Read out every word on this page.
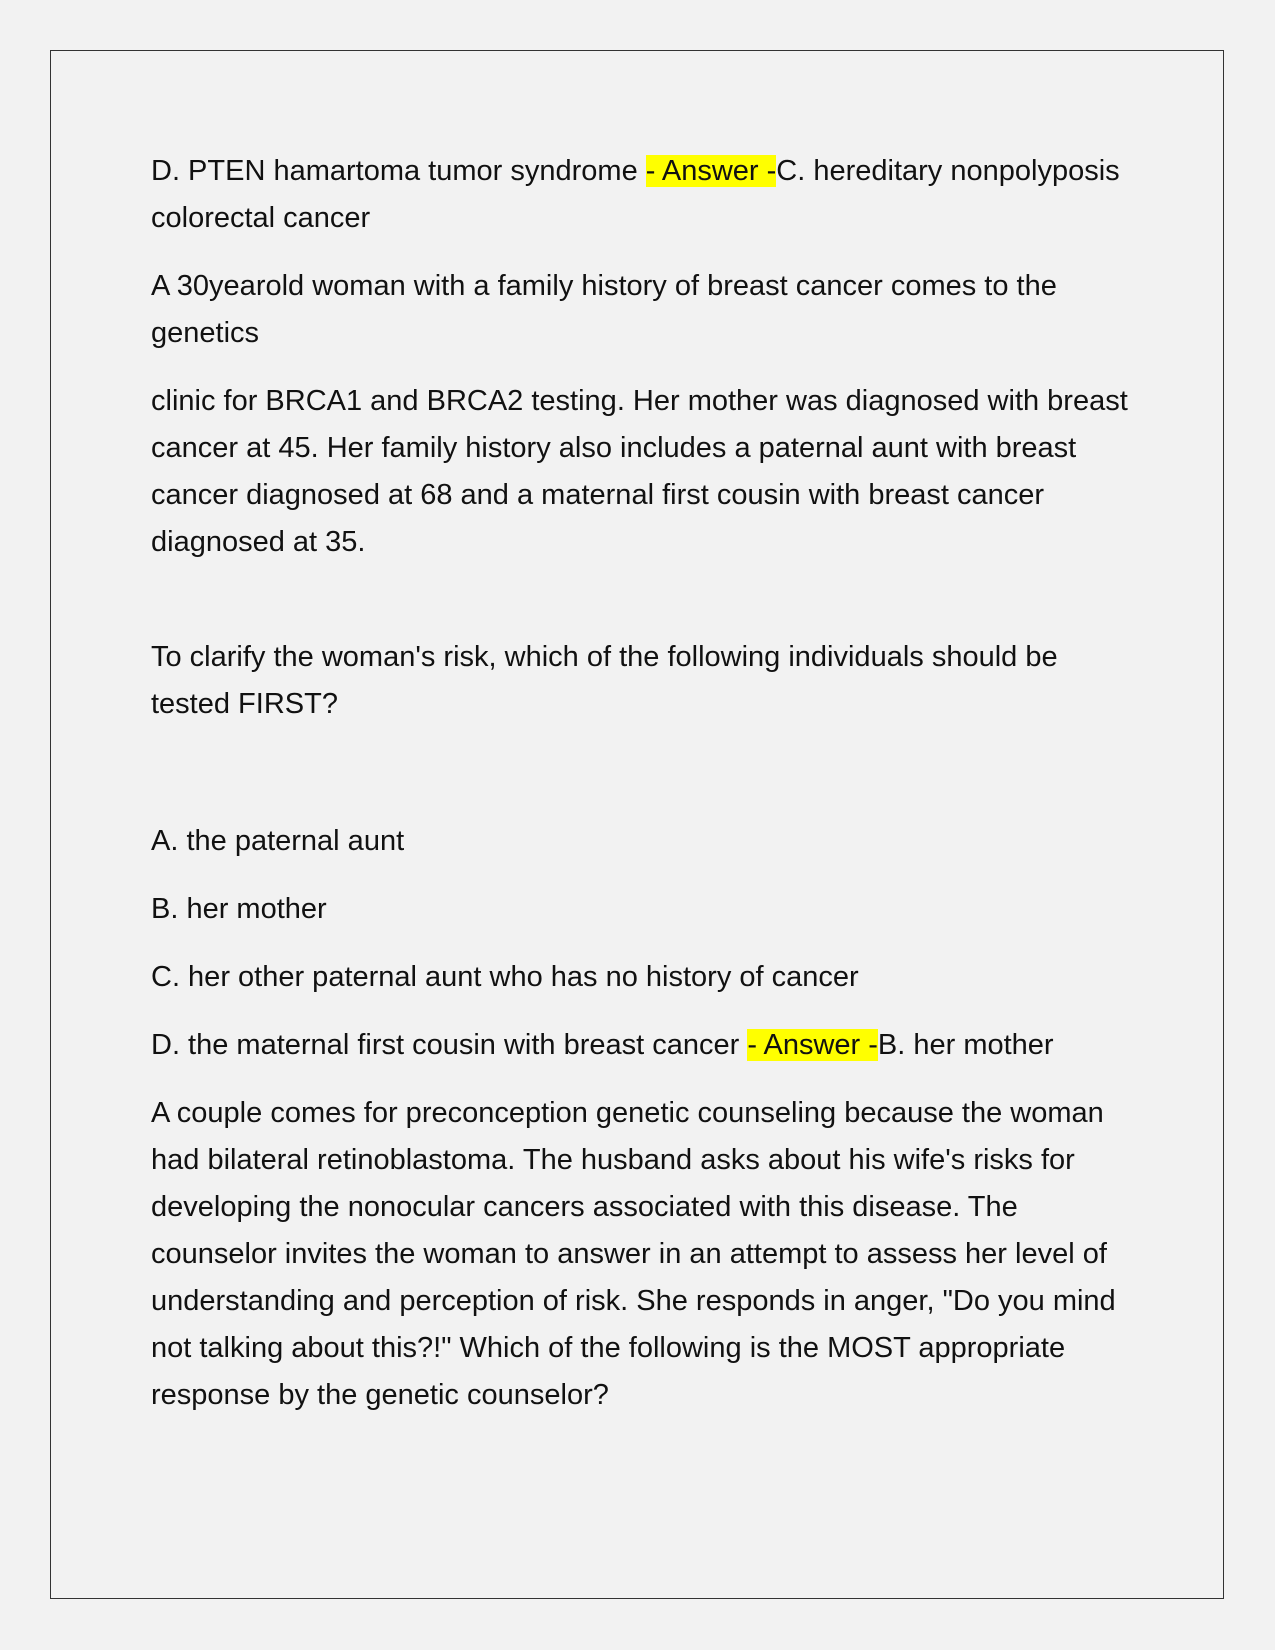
D. PTEN hamartoma tumor syndrome - Answer -C. hereditary nonpolyposis colorectal cancer

A 30yearold woman with a family history of breast cancer comes to the genetics

clinic for BRCA1 and BRCA2 testing. Her mother was diagnosed with breast cancer at 45. Her family history also includes a paternal aunt with breast cancer diagnosed at 68 and a maternal first cousin with breast cancer diagnosed at 35.

To clarify the woman's risk, which of the following individuals should be tested FIRST?

A. the paternal aunt

B. her mother

C. her other paternal aunt who has no history of cancer

D. the maternal first cousin with breast cancer - Answer -B. her mother

A couple comes for preconception genetic counseling because the woman had bilateral retinoblastoma. The husband asks about his wife's risks for developing the nonocular cancers associated with this disease. The counselor invites the woman to answer in an attempt to assess her level of understanding and perception of risk. She responds in anger, "Do you mind not talking about this?!" Which of the following is the MOST appropriate response by the genetic counselor?
